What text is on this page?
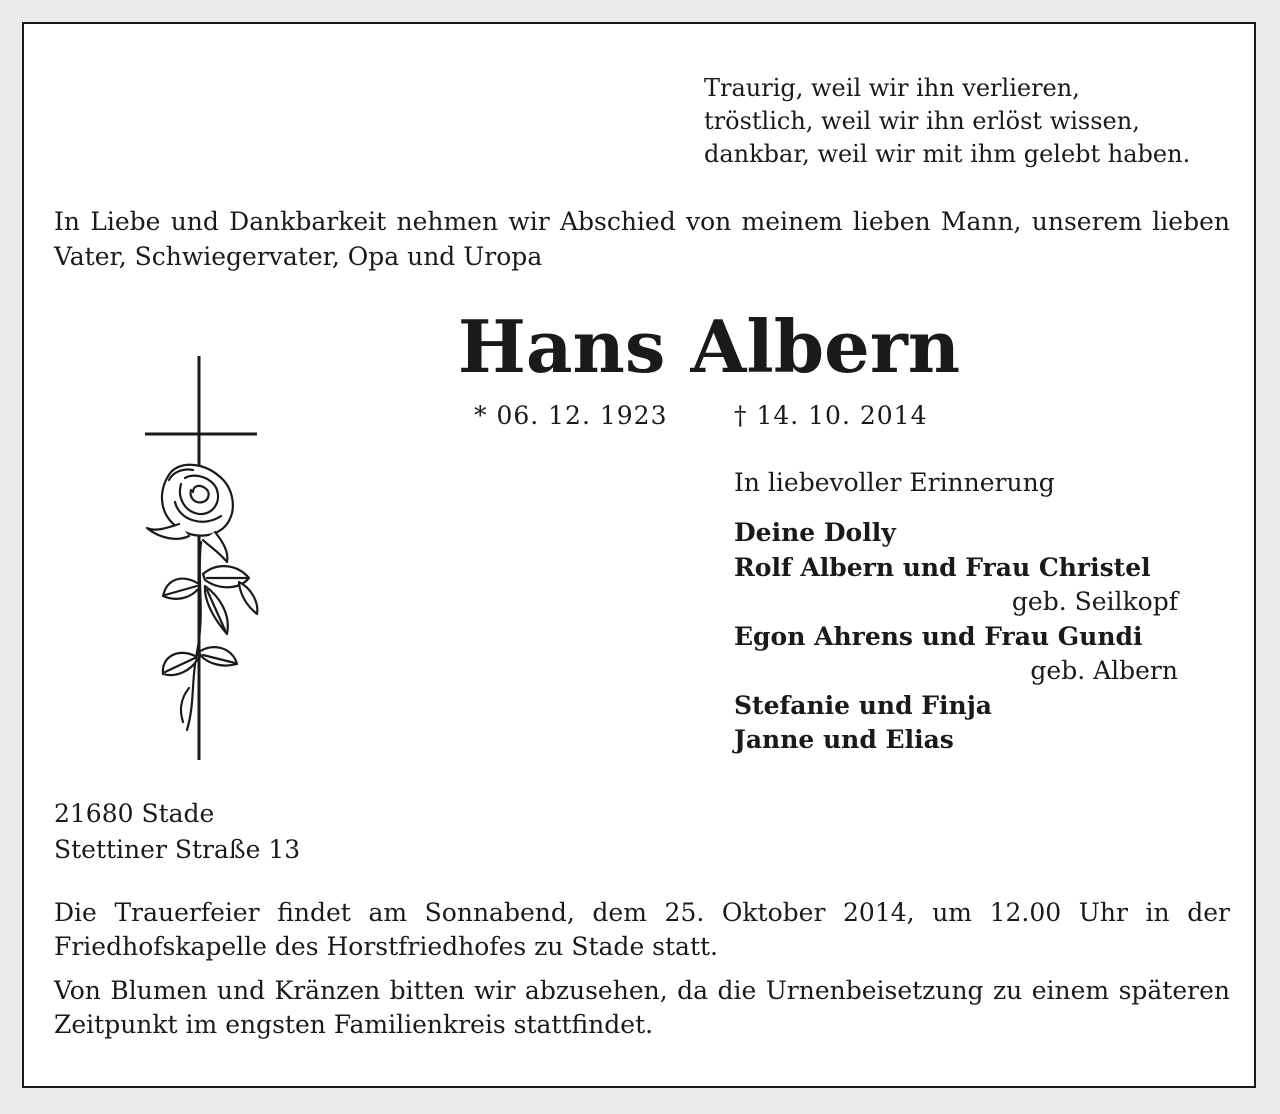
Traurig, weil wir ihn verlieren,
tröstlich, weil wir ihn erlöst wissen,
dankbar, weil wir mit ihm gelebt haben.
In Liebe und Dankbarkeit nehmen wir Abschied von meinem lieben Mann, unserem lieben Vater, Schwiegervater, Opa und Uropa
Hans Albern
* 06. 12. 1923	† 14. 10. 2014
In liebevoller Erinnerung
Deine Dolly
Rolf Albern und Frau Christel
geb. Seilkopf
Egon Ahrens und Frau Gundi
geb. Albern
Stefanie und Finja
Janne und Elias
21680 Stade
Stettiner Straße 13
Die Trauerfeier findet am Sonnabend, dem 25. Oktober 2014, um 12.00 Uhr in der Friedhofskapelle des Horstfriedhofes zu Stade statt.
Von Blumen und Kränzen bitten wir abzusehen, da die Urnenbeisetzung zu einem späteren Zeitpunkt im engsten Familienkreis stattfindet.
